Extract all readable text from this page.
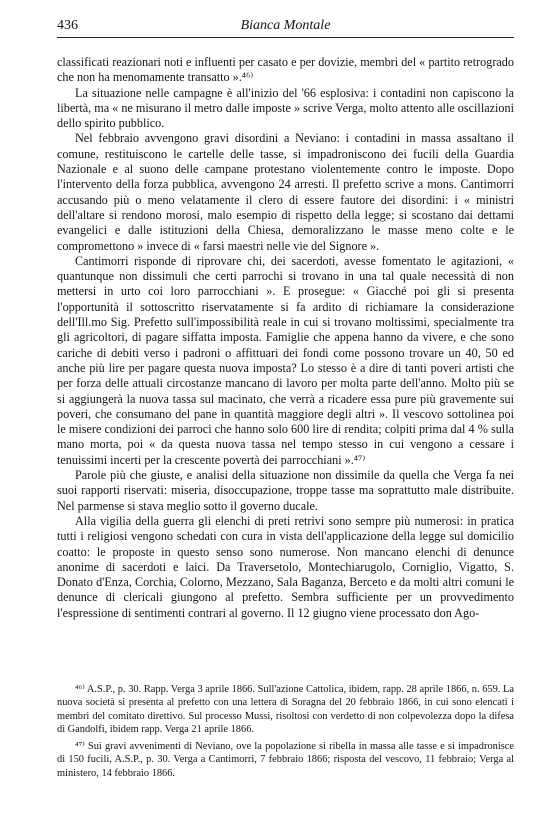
436	Bianca Montale

classificati reazionari noti e influenti per casato e per dovizie, membri del « partito retrogrado che non ha menomamente transatto ».⁴⁶⁾

La situazione nelle campagne è all'inizio del '66 esplosiva: i contadini non capiscono la libertà, ma « ne misurano il metro dalle imposte » scrive Verga, molto attento alle oscillazioni dello spirito pubblico.

Nel febbraio avvengono gravi disordini a Neviano: i contadini in massa assaltano il comune, restituiscono le cartelle delle tasse, si impadroniscono dei fucili della Guardia Nazionale e al suono delle campane protestano violentemente contro le imposte. Dopo l'intervento della forza pubblica, avvengono 24 arresti. Il prefetto scrive a mons. Cantimorri accusando più o meno velatamente il clero di essere fautore dei disordini: i « ministri dell'altare si rendono morosi, malo esempio di rispetto della legge; si scostano dai dettami evangelici e dalle istituzioni della Chiesa, demoralizzano le masse meno colte e le compromettono » invece di « farsi maestri nelle vie del Signore ».

Cantimorri risponde di riprovare chi, dei sacerdoti, avesse fomentato le agitazioni, « quantunque non dissimuli che certi parrochi si trovano in una tal quale necessità di non mettersi in urto coi loro parrocchiani ». E prosegue: « Giacché poi gli si presenta l'opportunità il sottoscritto riservatamente si fa ardito di richiamare la considerazione dell'Ill.mo Sig. Prefetto sull'impossibilità reale in cui si trovano moltissimi, specialmente tra gli agricoltori, di pagare siffatta imposta. Famiglie che appena hanno da vivere, e che sono cariche di debiti verso i padroni o affittuari dei fondi come possono trovare un 40, 50 ed anche più lire per pagare questa nuova imposta? Lo stesso è a dire di tanti poveri artisti che per forza delle attuali circostanze mancano di lavoro per molta parte dell'anno. Molto più se si aggiungerà la nuova tassa sul macinato, che verrà a ricadere essa pure più gravemente sui poveri, che consumano del pane in quantità maggiore degli altri ». Il vescovo sottolinea poi le misere condizioni dei parroci che hanno solo 600 lire di rendita; colpiti prima dal 4 % sulla mano morta, poi « da questa nuova tassa nel tempo stesso in cui vengono a cessare i tenuissimi incerti per la crescente povertà dei parrocchiani ».⁴⁷⁾

Parole più che giuste, e analisi della situazione non dissimile da quella che Verga fa nei suoi rapporti riservati: miseria, disoccupazione, troppe tasse ma soprattutto male distribuite. Nel parmense si stava meglio sotto il governo ducale.

Alla vigilia della guerra gli elenchi di preti retrivi sono sempre più numerosi: in pratica tutti i religiosi vengono schedati con cura in vista dell'applicazione della legge sul domicilio coatto: le proposte in questo senso sono numerose. Non mancano elenchi di denunce anonime di sacerdoti e laici. Da Traversetolo, Montechiarugolo, Corniglio, Vigatto, S. Donato d'Enza, Corchia, Colorno, Mezzano, Sala Baganza, Berceto e da molti altri comuni le denunce di clericali giungono al prefetto. Sembra sufficiente per un provvedimento l'espressione di sentimenti contrari al governo. Il 12 giugno viene processato don Ago-

⁴⁶⁾ A.S.P., p. 30. Rapp. Verga 3 aprile 1866. Sull'azione Cattolica, ibidem, rapp. 28 aprile 1866, n. 659. La nuova società si presenta al prefetto con una lettera di Soragna del 20 febbraio 1866, in cui sono elencati i membri del comitato direttivo. Sul processo Mussi, risoltosi con verdetto di non colpevolezza dopo la difesa di Gandolfi, ibidem rapp. Verga 21 aprile 1866.

⁴⁷⁾ Sui gravi avvenimenti di Neviano, ove la popolazione si ribella in massa alle tasse e si impadronisce di 150 fucili, A.S.P., p. 30. Verga a Cantimorri, 7 febbraio 1866; risposta del vescovo, 11 febbraio; Verga al ministero, 14 febbraio 1866.
